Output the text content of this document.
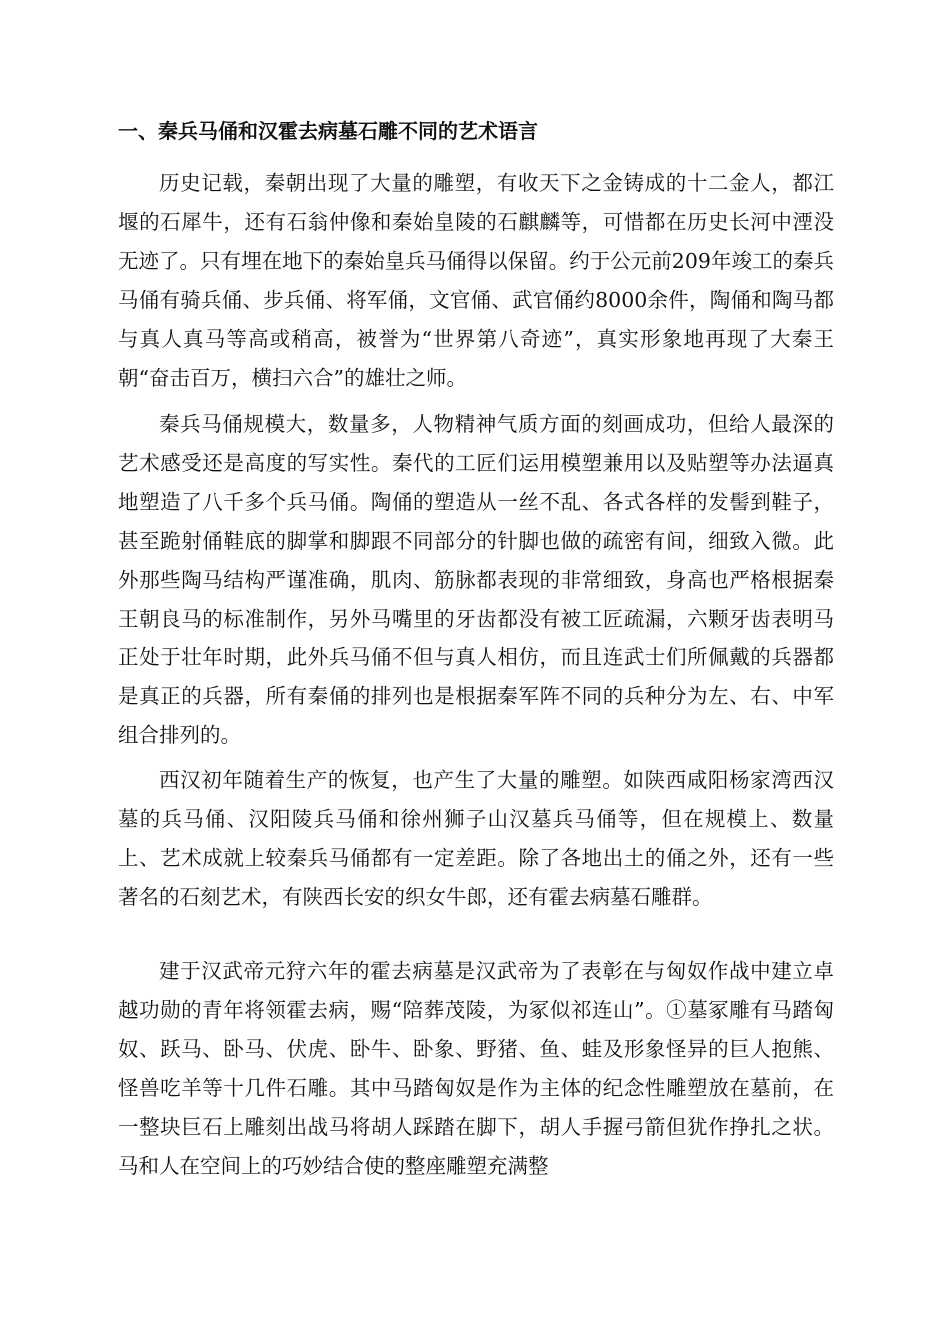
一、秦兵马俑和汉霍去病墓石雕不同的艺术语言

历史记载，秦朝出现了大量的雕塑，有收天下之金铸成的十二金人，都江堰的石犀牛，还有石翁仲像和秦始皇陵的石麒麟等，可惜都在历史长河中湮没无迹了。只有埋在地下的秦始皇兵马俑得以保留。约于公元前209年竣工的秦兵马俑有骑兵俑、步兵俑、将军俑，文官俑、武官俑约8000余件，陶俑和陶马都与真人真马等高或稍高，被誉为“世界第八奇迹”，真实形象地再现了大秦王朝“奋击百万，横扫六合”的雄壮之师。

秦兵马俑规模大，数量多，人物精神气质方面的刻画成功，但给人最深的艺术感受还是高度的写实性。秦代的工匠们运用模塑兼用以及贴塑等办法逼真地塑造了八千多个兵马俑。陶俑的塑造从一丝不乱、各式各样的发髻到鞋子，甚至跪射俑鞋底的脚掌和脚跟不同部分的针脚也做的疏密有间，细致入微。此外那些陶马结构严谨准确，肌肉、筋脉都表现的非常细致，身高也严格根据秦王朝良马的标准制作，另外马嘴里的牙齿都没有被工匠疏漏，六颗牙齿表明马正处于壮年时期，此外兵马俑不但与真人相仿，而且连武士们所佩戴的兵器都是真正的兵器，所有秦俑的排列也是根据秦军阵不同的兵种分为左、右、中军组合排列的。

西汉初年随着生产的恢复，也产生了大量的雕塑。如陕西咸阳杨家湾西汉墓的兵马俑、汉阳陵兵马俑和徐州狮子山汉墓兵马俑等，但在规模上、数量上、艺术成就上较秦兵马俑都有一定差距。除了各地出土的俑之外，还有一些著名的石刻艺术，有陕西长安的织女牛郎，还有霍去病墓石雕群。

建于汉武帝元狩六年的霍去病墓是汉武帝为了表彰在与匈奴作战中建立卓越功勋的青年将领霍去病，赐“陪葬茂陵，为冢似祁连山”。①墓冢雕有马踏匈奴、跃马、卧马、伏虎、卧牛、卧象、野猪、鱼、蛙及形象怪异的巨人抱熊、怪兽吃羊等十几件石雕。其中马踏匈奴是作为主体的纪念性雕塑放在墓前，在一整块巨石上雕刻出战马将胡人踩踏在脚下，胡人手握弓箭但犹作挣扎之状。马和人在空间上的巧妙结合使的整座雕塑充满整
